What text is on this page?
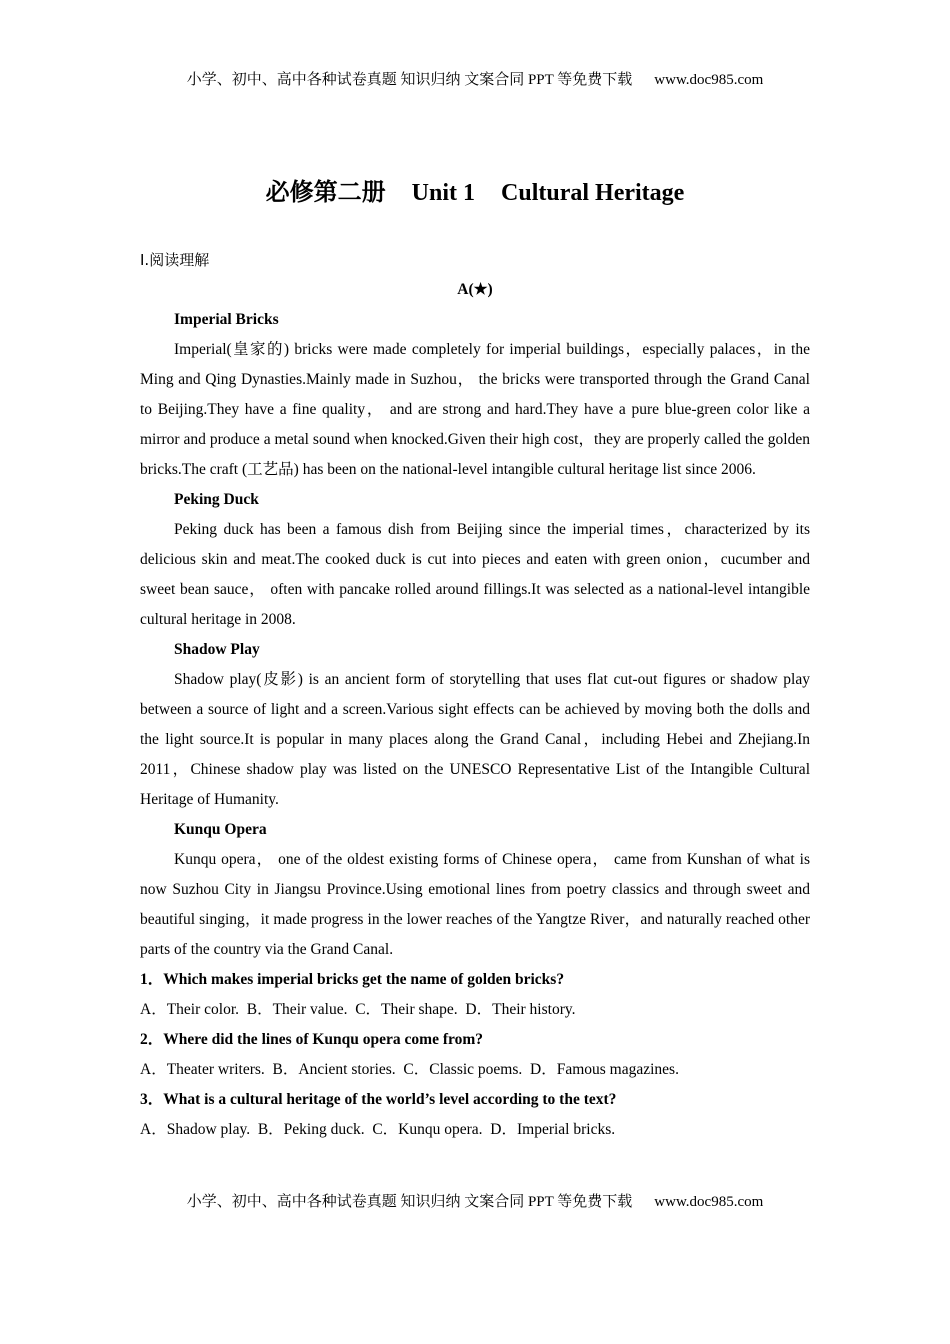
小学、初中、高中各种试卷真题 知识归纳 文案合同 PPT 等免费下载 www.doc985.com
必修第二册 Unit 1 Cultural Heritage
Ⅰ.阅读理解
A(★)
Imperial Bricks

Imperial(皇家的) bricks were made completely for imperial buildings，especially palaces，in the Ming and Qing Dynasties.Mainly made in Suzhou， the bricks were transported through the Grand Canal to Beijing.They have a fine quality， and are strong and hard.They have a pure blue-green color like a mirror and produce a metal sound when knocked.Given their high cost，they are properly called the golden bricks.The craft (工艺品) has been on the national-level intangible cultural heritage list since 2006.

Peking Duck

Peking duck has been a famous dish from Beijing since the imperial times，characterized by its delicious skin and meat.The cooked duck is cut into pieces and eaten with green onion，cucumber and sweet bean sauce， often with pancake rolled around fillings.It was selected as a national-level intangible cultural heritage in 2008.

Shadow Play

Shadow play(皮影) is an ancient form of storytelling that uses flat cut-out figures or shadow play between a source of light and a screen.Various sight effects can be achieved by moving both the dolls and the light source.It is popular in many places along the Grand Canal，including Hebei and Zhejiang.In 2011，Chinese shadow play was listed on the UNESCO Representative List of the Intangible Cultural Heritage of Humanity.

Kunqu Opera

Kunqu opera， one of the oldest existing forms of Chinese opera， came from Kunshan of what is now Suzhou City in Jiangsu Province.Using emotional lines from poetry classics and through sweet and beautiful singing，it made progress in the lower reaches of the Yangtze River，and naturally reached other parts of the country via the Grand Canal.

1．Which makes imperial bricks get the name of golden bricks?
A．Their color.  B．Their value.  C．Their shape.  D．Their history.
2．Where did the lines of Kunqu opera come from?
A．Theater writers.  B．Ancient stories.  C．Classic poems.  D．Famous magazines.
3．What is a cultural heritage of the world’s level according to the text?
A．Shadow play.  B．Peking duck.  C．Kunqu opera.  D．Imperial bricks.
小学、初中、高中各种试卷真题 知识归纳 文案合同 PPT 等免费下载 www.doc985.com
